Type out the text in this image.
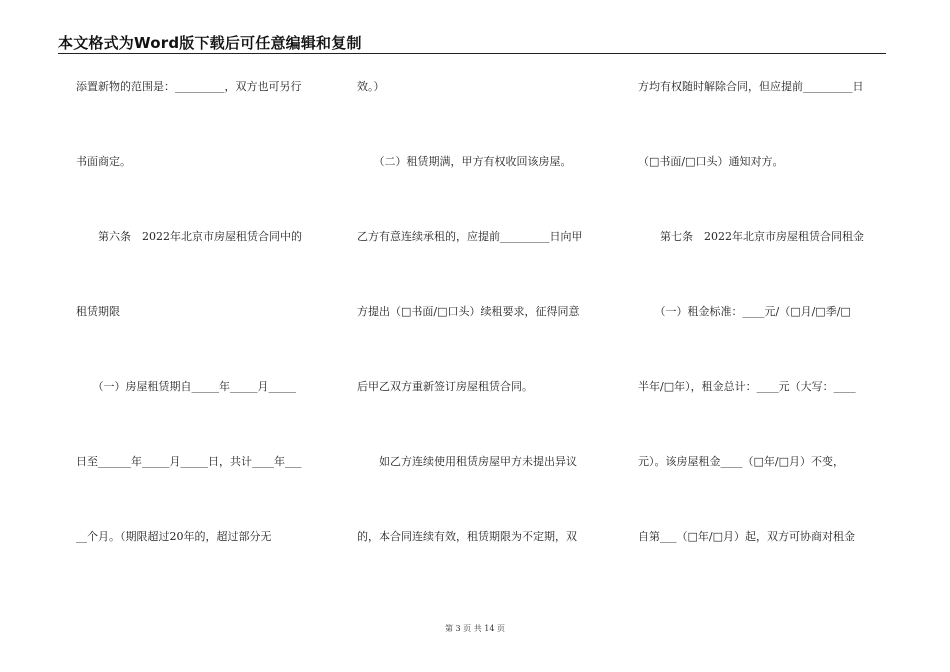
本文格式为Word版下载后可任意编辑和复制
添置新物的范围是：_________，双方也可另行
书面商定。
　　第六条　2022年北京市房屋租赁合同中的
租赁期限
　　（一）房屋租赁期自_____年_____月_____
日至______年_____月_____日，共计____年___
__个月。（期限超过20年的，超过部分无
效。）
　　（二）租赁期满，甲方有权收回该房屋。
乙方有意连续承租的，应提前_________日向甲
方提出（□书面/□口头）续租要求，征得同意
后甲乙双方重新签订房屋租赁合同。
　　如乙方连续使用租赁房屋甲方未提出异议
的，本合同连续有效，租赁期限为不定期，双
方均有权随时解除合同，但应提前_________日
（□书面/□口头）通知对方。
　　第七条　2022年北京市房屋租赁合同租金
　　（一）租金标准：____元/（□月/□季/□
半年/□年），租金总计：____元（大写：____
元）。该房屋租金____（□年/□月）不变，
自第___（□年/□月）起，双方可协商对租金
第 3 页 共 14 页
